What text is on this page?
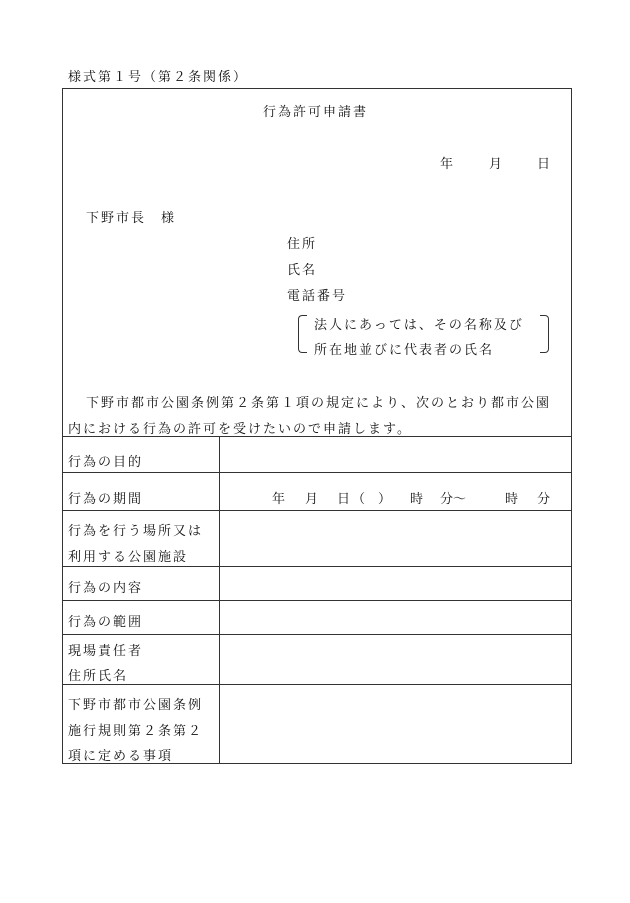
様式第１号（第２条関係）
行為許可申請書
年	月	日
下野市長　様
住所
氏名
電話番号
法人にあっては、その名称及び
所在地並びに代表者の氏名
下野市都市公園条例第２条第１項の規定により、次のとおり都市公園
内における行為の許可を受けたいので申請します。
行為の目的
行為の期間	年 月 日 （　） 時 分～	時 分
行為を行う場所又は
利用する公園施設
行為の内容
行為の範囲
現場責任者
住所氏名
下野市都市公園条例
施行規則第２条第２
項に定める事項
